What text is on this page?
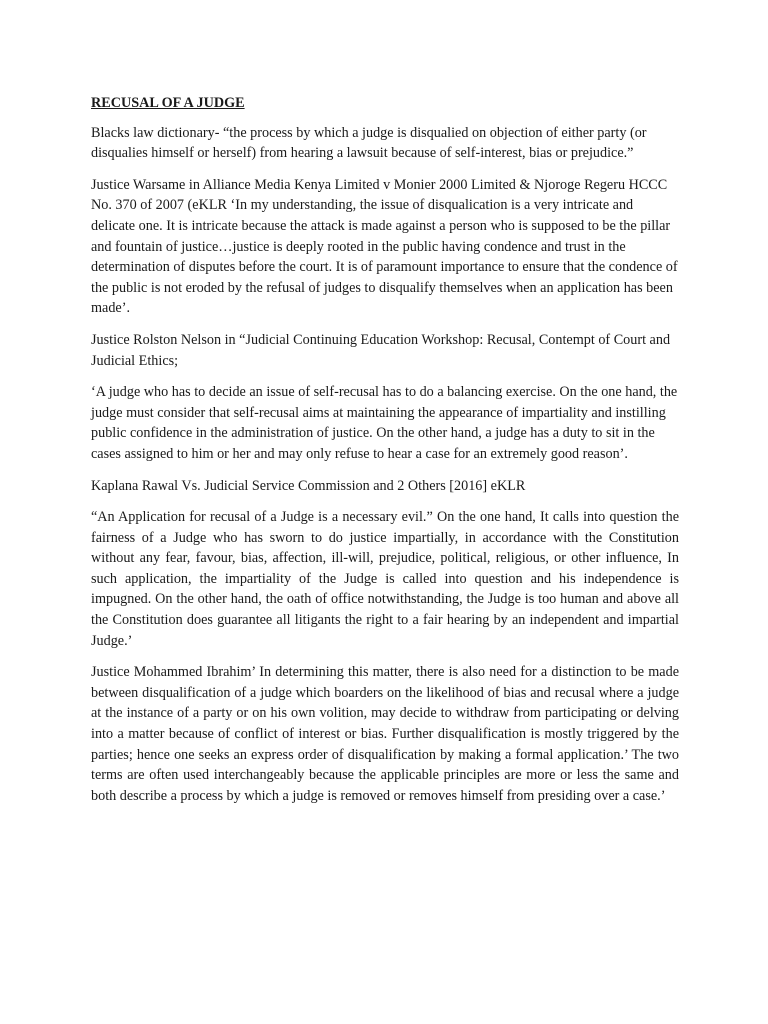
RECUSAL OF A JUDGE
Blacks law dictionary- “the process by which a judge is disqualied on objection of either party (or disqualies himself or herself) from hearing a lawsuit because of self-interest, bias or prejudice.”
Justice Warsame in Alliance Media Kenya Limited v Monier 2000 Limited & Njoroge Regeru HCCC No. 370 of 2007 (eKLR ‘In my understanding, the issue of disqualication is a very intricate and delicate one. It is intricate because the attack is made against a person who is supposed to be the pillar and fountain of justice…justice is deeply rooted in the public having condence and trust in the determination of disputes before the court. It is of paramount importance to ensure that the condence of the public is not eroded by the refusal of judges to disqualify themselves when an application has been made’.
Justice Rolston Nelson in “Judicial Continuing Education Workshop: Recusal, Contempt of Court and Judicial Ethics;
‘A judge who has to decide an issue of self-recusal has to do a balancing exercise. On the one hand, the judge must consider that self-recusal aims at maintaining the appearance of impartiality and instilling public confidence in the administration of justice. On the other hand, a judge has a duty to sit in the cases assigned to him or her and may only refuse to hear a case for an extremely good reason’.
Kaplana Rawal Vs. Judicial Service Commission and 2 Others [2016] eKLR
“An Application for recusal of a Judge is a necessary evil.” On the one hand, It calls into question the fairness of a Judge who has sworn to do justice impartially, in accordance with the Constitution without any fear, favour, bias, affection, ill-will, prejudice, political, religious, or other influence, In such application, the impartiality of the Judge is called into question and his independence is impugned. On the other hand, the oath of office notwithstanding, the Judge is too human and above all the Constitution does guarantee all litigants the right to a fair hearing by an independent and impartial Judge.’
Justice Mohammed Ibrahim’ In determining this matter, there is also need for a distinction to be made between disqualification of a judge which boarders on the likelihood of bias and recusal where a judge at the instance of a party or on his own volition, may decide to withdraw from participating or delving into a matter because of conflict of interest or bias. Further disqualification is mostly triggered by the parties; hence one seeks an express order of disqualification by making a formal application.’ The two terms are often used interchangeably because the applicable principles are more or less the same and both describe a process by which a judge is removed or removes himself from presiding over a case.’
